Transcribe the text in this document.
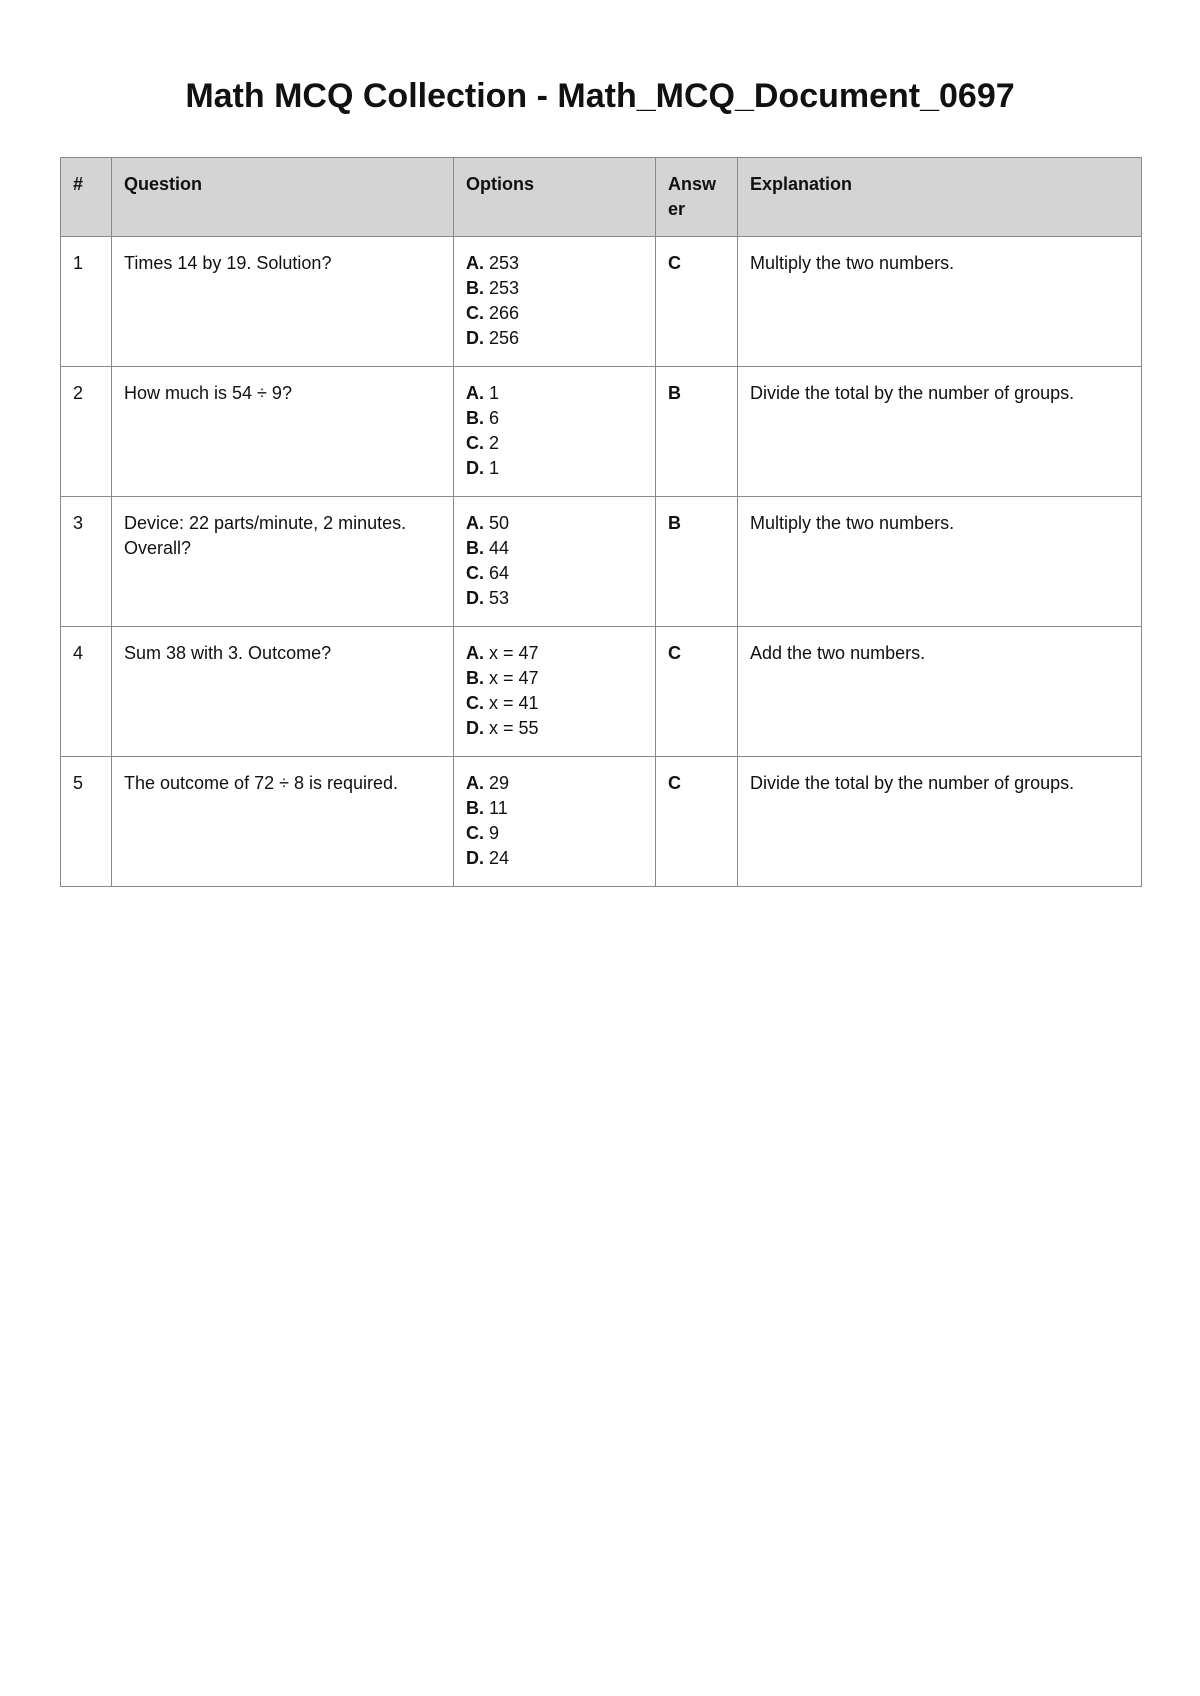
Math MCQ Collection - Math_MCQ_Document_0697
#	Question	Options	Answ er	Explanation
1	Times 14 by 19. Solution?	A. 253
B. 253
C. 266
D. 256	C	Multiply the two numbers.
2	How much is 54 ÷ 9?	A. 1
B. 6
C. 2
D. 1	B	Divide the total by the number of groups.
3	Device: 22 parts/minute, 2 minutes. Overall?	A. 50
B. 44
C. 64
D. 53	B	Multiply the two numbers.
4	Sum 38 with 3. Outcome?	A. x = 47
B. x = 47
C. x = 41
D. x = 55	C	Add the two numbers.
5	The outcome of 72 ÷ 8 is required.	A. 29
B. 11
C. 9
D. 24	C	Divide the total by the number of groups.
